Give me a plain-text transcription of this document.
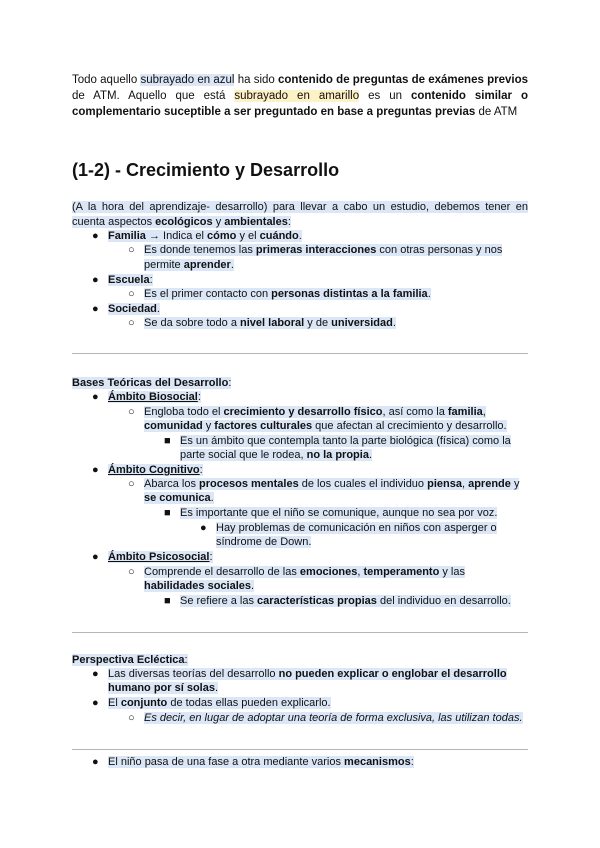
Todo aquello subrayado en azul ha sido contenido de preguntas de exámenes previos de ATM. Aquello que está subrayado en amarillo es un contenido similar o complementario suceptible a ser preguntado en base a preguntas previas de ATM
(1-2) - Crecimiento y Desarrollo
(A la hora del aprendizaje- desarrollo) para llevar a cabo un estudio, debemos tener en cuenta aspectos ecológicos y ambientales:
● Familia → Indica el cómo y el cuándo.
○ Es donde tenemos las primeras interacciones con otras personas y nos
permite aprender.
● Escuela:
○ Es el primer contacto con personas distintas a la familia.
● Sociedad.
○ Se da sobre todo a nivel laboral y de universidad.
Bases Teóricas del Desarrollo:
● Ámbito Biosocial:
○ Engloba todo el crecimiento y desarrollo físico, así como la familia,
comunidad y factores culturales que afectan al crecimiento y desarrollo.
■ Es un ámbito que contempla tanto la parte biológica (física) como la
parte social que le rodea, no la propia.
● Ámbito Cognitivo:
○ Abarca los procesos mentales de los cuales el individuo piensa, aprende y
se comunica.
■ Es importante que el niño se comunique, aunque no sea por voz.
● Hay problemas de comunicación en niños con asperger o
síndrome de Down.
● Ámbito Psicosocial:
○ Comprende el desarrollo de las emociones, temperamento y las
habilidades sociales.
■ Se refiere a las características propias del individuo en desarrollo.
Perspectiva Ecléctica:
● Las diversas teorías del desarrollo no pueden explicar o englobar el desarrollo
humano por sí solas.
● El conjunto de todas ellas pueden explicarlo.
○ Es decir, en lugar de adoptar una teoría de forma exclusiva, las utilizan todas.
● El niño pasa de una fase a otra mediante varios mecanismos:
